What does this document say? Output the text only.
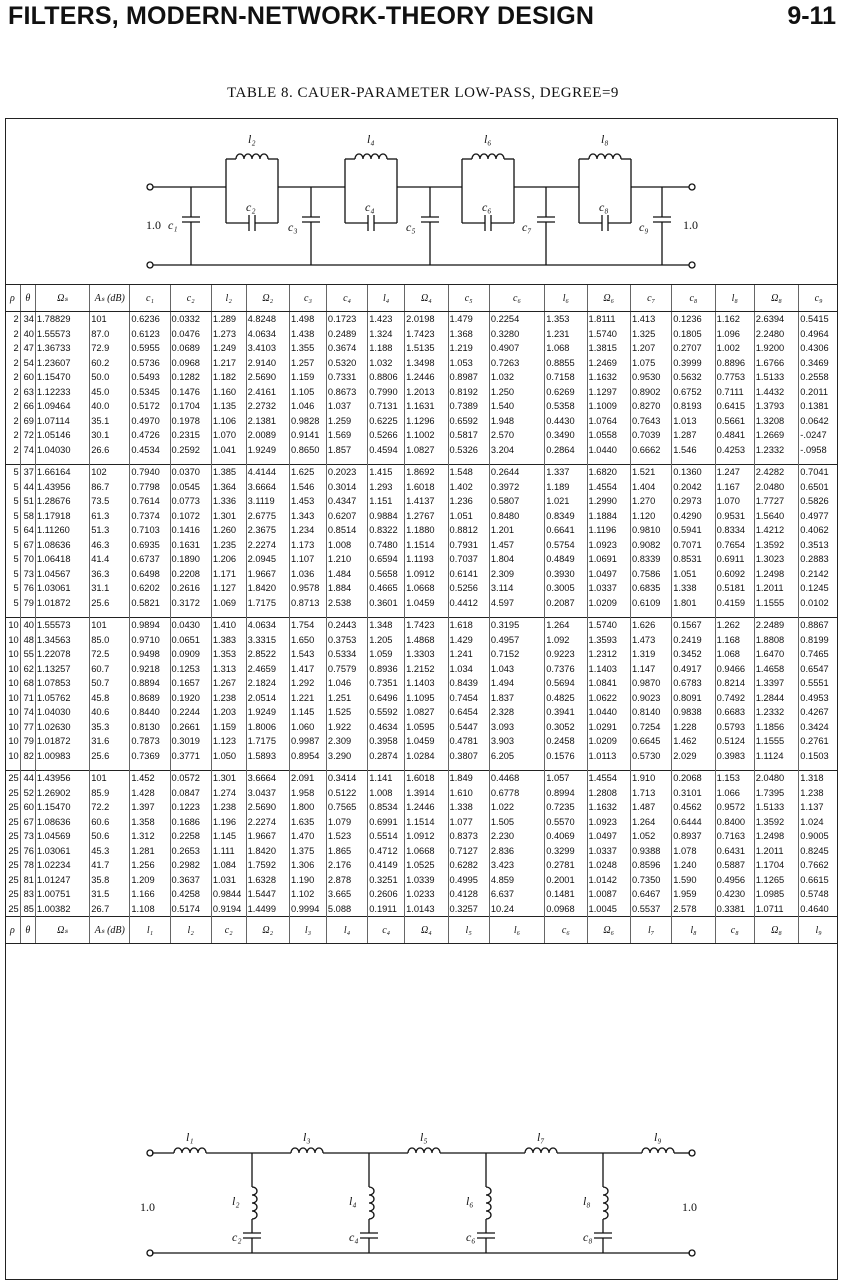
FILTERS, MODERN-NETWORK-THEORY DESIGN	9-11
TABLE 8. CAUER-PARAMETER LOW-PASS, DEGREE=9
1.0 c₁
l₂
c₂
c₃
l₄
c₄
c₅
l₆
c₆
c₇
l₈
c₈
c₉	1.0
ρ	θ	Ωₛ	Aₛ (dB)	c₁	c₂	l₂	Ω₂	c₃	c₄	l₄	Ω₄	c₅	c₆	l₆	Ω₆	c₇	c₈	l₈	Ω₈	c₉
2	34	1.78829	101	0.6236	0.0332	1.289	4.8248	1.498	0.1723	1.423	2.0198	1.479	0.2254	1.353	1.8111	1.413	0.1236	1.162	2.6394	0.5415
2	40	1.55573	87.0	0.6123	0.0476	1.273	4.0634	1.438	0.2489	1.324	1.7423	1.368	0.3280	1.231	1.5740	1.325	0.1805	1.096	2.2480	0.4964
2	47	1.36733	72.9	0.5955	0.0689	1.249	3.4103	1.355	0.3674	1.188	1.5135	1.219	0.4907	1.068	1.3815	1.207	0.2707	1.002	1.9200	0.4306
2	54	1.23607	60.2	0.5736	0.0968	1.217	2.9140	1.257	0.5320	1.032	1.3498	1.053	0.7263	0.8855	1.2469	1.075	0.3999	0.8896	1.6766	0.3469
2	60	1.15470	50.0	0.5493	0.1282	1.182	2.5690	1.159	0.7331	0.8806	1.2446	0.8987	1.032	0.7158	1.1632	0.9530	0.5632	0.7753	1.5133	0.2558
2	63	1.12233	45.0	0.5345	0.1476	1.160	2.4161	1.105	0.8673	0.7990	1.2013	0.8192	1.250	0.6269	1.1297	0.8902	0.6752	0.7111	1.4432	0.2011
2	66	1.09464	40.0	0.5172	0.1704	1.135	2.2732	1.046	1.037	0.7131	1.1631	0.7389	1.540	0.5358	1.1009	0.8270	0.8193	0.6415	1.3793	0.1381
2	69	1.07114	35.1	0.4970	0.1978	1.106	2.1381	0.9828	1.259	0.6225	1.1296	0.6592	1.948	0.4430	1.0764	0.7643	1.013	0.5661	1.3208	0.0642
2	72	1.05146	30.1	0.4726	0.2315	1.070	2.0089	0.9141	1.569	0.5266	1.1002	0.5817	2.570	0.3490	1.0558	0.7039	1.287	0.4841	1.2669	-.0247
2	74	1.04030	26.6	0.4534	0.2592	1.041	1.9249	0.8650	1.857	0.4594	1.0827	0.5326	3.204	0.2864	1.0440	0.6662	1.546	0.4253	1.2332	-.0958

5	37	1.66164	102	0.7940	0.0370	1.385	4.4144	1.625	0.2023	1.415	1.8692	1.548	0.2644	1.337	1.6820	1.521	0.1360	1.247	2.4282	0.7041
5	44	1.43956	86.7	0.7798	0.0545	1.364	3.6664	1.546	0.3014	1.293	1.6018	1.402	0.3972	1.189	1.4554	1.404	0.2042	1.167	2.0480	0.6501
5	51	1.28676	73.5	0.7614	0.0773	1.336	3.1119	1.453	0.4347	1.151	1.4137	1.236	0.5807	1.021	1.2990	1.270	0.2973	1.070	1.7727	0.5826
5	58	1.17918	61.3	0.7374	0.1072	1.301	2.6775	1.343	0.6207	0.9884	1.2767	1.051	0.8480	0.8349	1.1884	1.120	0.4290	0.9531	1.5640	0.4977
5	64	1.11260	51.3	0.7103	0.1416	1.260	2.3675	1.234	0.8514	0.8322	1.1880	0.8812	1.201	0.6641	1.1196	0.9810	0.5941	0.8334	1.4212	0.4062
5	67	1.08636	46.3	0.6935	0.1631	1.235	2.2274	1.173	1.008	0.7480	1.1514	0.7931	1.457	0.5754	1.0923	0.9082	0.7071	0.7654	1.3592	0.3513
5	70	1.06418	41.4	0.6737	0.1890	1.206	2.0945	1.107	1.210	0.6594	1.1193	0.7037	1.804	0.4849	1.0691	0.8339	0.8531	0.6911	1.3023	0.2883
5	73	1.04567	36.3	0.6498	0.2208	1.171	1.9667	1.036	1.484	0.5658	1.0912	0.6141	2.309	0.3930	1.0497	0.7586	1.051	0.6092	1.2498	0.2142
5	76	1.03061	31.1	0.6202	0.2616	1.127	1.8420	0.9578	1.884	0.4665	1.0668	0.5256	3.114	0.3005	1.0337	0.6835	1.338	0.5181	1.2011	0.1245
5	79	1.01872	25.6	0.5821	0.3172	1.069	1.7175	0.8713	2.538	0.3601	1.0459	0.4412	4.597	0.2087	1.0209	0.6109	1.801	0.4159	1.1555	0.0102

10	40	1.55573	101	0.9894	0.0430	1.410	4.0634	1.754	0.2443	1.348	1.7423	1.618	0.3195	1.264	1.5740	1.626	0.1567	1.262	2.2489	0.8867
10	48	1.34563	85.0	0.9710	0.0651	1.383	3.3315	1.650	0.3753	1.205	1.4868	1.429	0.4957	1.092	1.3593	1.473	0.2419	1.168	1.8808	0.8199
10	55	1.22078	72.5	0.9498	0.0909	1.353	2.8522	1.543	0.5334	1.059	1.3303	1.241	0.7152	0.9223	1.2312	1.319	0.3452	1.068	1.6470	0.7465
10	62	1.13257	60.7	0.9218	0.1253	1.313	2.4659	1.417	0.7579	0.8936	1.2152	1.034	1.043	0.7376	1.1403	1.147	0.4917	0.9466	1.4658	0.6547
10	68	1.07853	50.7	0.8894	0.1657	1.267	2.1824	1.292	1.046	0.7351	1.1403	0.8439	1.494	0.5694	1.0841	0.9870	0.6783	0.8214	1.3397	0.5551
10	71	1.05762	45.8	0.8689	0.1920	1.238	2.0514	1.221	1.251	0.6496	1.1095	0.7454	1.837	0.4825	1.0622	0.9023	0.8091	0.7492	1.2844	0.4953
10	74	1.04030	40.6	0.8440	0.2244	1.203	1.9249	1.145	1.525	0.5592	1.0827	0.6454	2.328	0.3941	1.0440	0.8140	0.9838	0.6683	1.2332	0.4267
10	77	1.02630	35.3	0.8130	0.2661	1.159	1.8006	1.060	1.922	0.4634	1.0595	0.5447	3.093	0.3052	1.0291	0.7254	1.228	0.5793	1.1856	0.3424
10	79	1.01872	31.6	0.7873	0.3019	1.123	1.7175	0.9987	2.309	0.3958	1.0459	0.4781	3.903	0.2458	1.0209	0.6645	1.462	0.5124	1.1555	0.2761
10	82	1.00983	25.6	0.7369	0.3771	1.050	1.5893	0.8954	3.290	0.2874	1.0284	0.3807	6.205	0.1576	1.0113	0.5730	2.029	0.3983	1.1124	0.1503

25	44	1.43956	101	1.452	0.0572	1.301	3.6664	2.091	0.3414	1.141	1.6018	1.849	0.4468	1.057	1.4554	1.910	0.2068	1.153	2.0480	1.318
25	52	1.26902	85.9	1.428	0.0847	1.274	3.0437	1.958	0.5122	1.008	1.3914	1.610	0.6778	0.8994	1.2808	1.713	0.3101	1.066	1.7395	1.238
25	60	1.15470	72.2	1.397	0.1223	1.238	2.5690	1.800	0.7565	0.8534	1.2446	1.338	1.022	0.7235	1.1632	1.487	0.4562	0.9572	1.5133	1.137
25	67	1.08636	60.6	1.358	0.1686	1.196	2.2274	1.635	1.079	0.6991	1.1514	1.077	1.505	0.5570	1.0923	1.264	0.6444	0.8400	1.3592	1.024
25	73	1.04569	50.6	1.312	0.2258	1.145	1.9667	1.470	1.523	0.5514	1.0912	0.8373	2.230	0.4069	1.0497	1.052	0.8937	0.7163	1.2498	0.9005
25	76	1.03061	45.3	1.281	0.2653	1.111	1.8420	1.375	1.865	0.4712	1.0668	0.7127	2.836	0.3299	1.0337	0.9388	1.078	0.6431	1.2011	0.8245
25	78	1.02234	41.7	1.256	0.2982	1.084	1.7592	1.306	2.176	0.4149	1.0525	0.6282	3.423	0.2781	1.0248	0.8596	1.240	0.5887	1.1704	0.7662
25	81	1.01247	35.8	1.209	0.3637	1.031	1.6328	1.190	2.878	0.3251	1.0339	0.4995	4.859	0.2001	1.0142	0.7350	1.590	0.4956	1.1265	0.6615
25	83	1.00751	31.5	1.166	0.4258	0.9844	1.5447	1.102	3.665	0.2606	1.0233	0.4128	6.637	0.1481	1.0087	0.6467	1.959	0.4230	1.0985	0.5748
25	85	1.00382	26.7	1.108	0.5174	0.9194	1.4499	0.9994	5.088	0.1911	1.0143	0.3257	10.24	0.0968	1.0045	0.5537	2.578	0.3381	1.0711	0.4640
ρ	θ	Ωₛ	Aₛ (dB)	l₁	l₂	c₂	Ω₂	l₃	l₄	c₄	Ω₄	l₅	l₆	c₆	Ω₆	l₇	l₈	c₈	Ω₈	l₉
1.0
l₁	l₃	l₅	l₇	l₉
l₂
c₂
l₄
c₄
l₆
c₆
l₈
c₈
1.0
